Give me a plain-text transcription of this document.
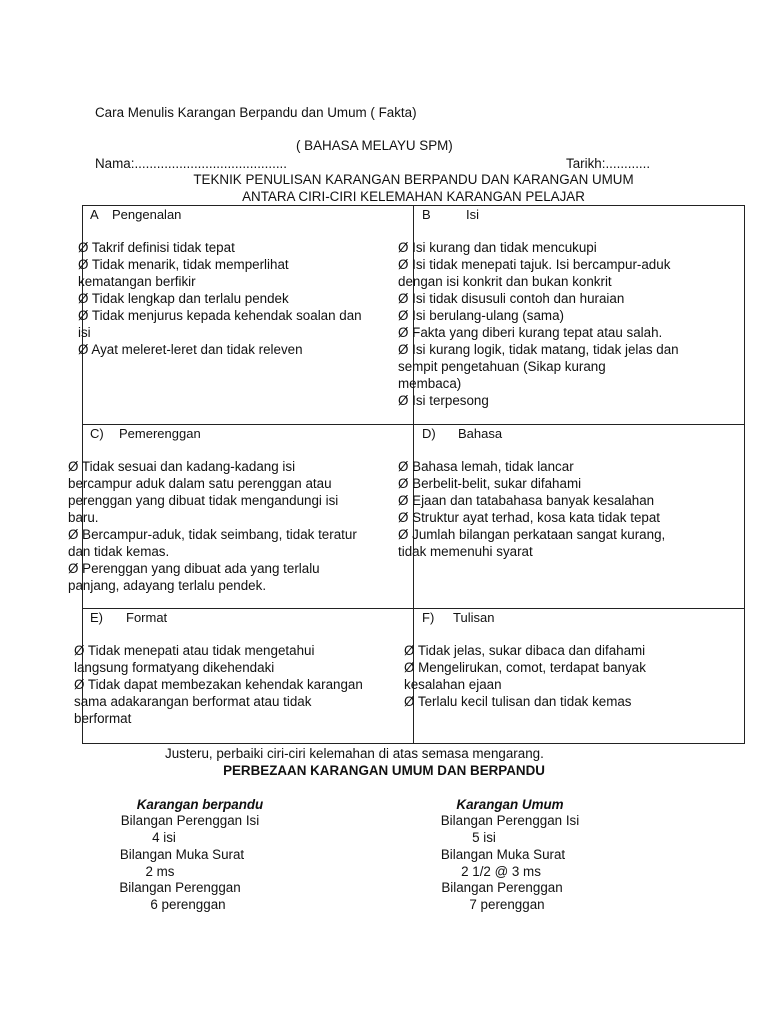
Cara Menulis Karangan Berpandu dan Umum ( Fakta)
( BAHASA MELAYU SPM)
Nama:.........................................	Tarikh:............
TEKNIK PENULISAN KARANGAN BERPANDU DAN KARANGAN UMUM
ANTARA CIRI-CIRI KELEMAHAN KARANGAN PELAJAR
A Pengenalan
Ø Takrif definisi tidak tepat
Ø Tidak menarik, tidak memperlihat
kematangan berfikir
Ø Tidak lengkap dan terlalu pendek
Ø Tidak menjurus kepada kehendak soalan dan
isi
Ø Ayat meleret-leret dan tidak releven
B	Isi
Ø Isi kurang dan tidak mencukupi
Ø Isi tidak menepati tajuk. Isi bercampur-aduk
dengan isi konkrit dan bukan konkrit
Ø Isi tidak disusuli contoh dan huraian
Ø Isi berulang-ulang (sama)
Ø Fakta yang diberi kurang tepat atau salah.
Ø Isi kurang logik, tidak matang, tidak jelas dan
sempit pengetahuan (Sikap kurang
membaca)
Ø Isi terpesong
C) Pemerenggan
Ø Tidak sesuai dan kadang-kadang isi
bercampur aduk dalam satu perenggan atau
perenggan yang dibuat tidak mengandungi isi
baru.
Ø Bercampur-aduk, tidak seimbang, tidak teratur
dan tidak kemas.
Ø Perenggan yang dibuat ada yang terlalu
panjang, adayang terlalu pendek.
D) Bahasa
Ø Bahasa lemah, tidak lancar
Ø Berbelit-belit, sukar difahami
Ø Ejaan dan tatabahasa banyak kesalahan
Ø Struktur ayat terhad, kosa kata tidak tepat
Ø Jumlah bilangan perkataan sangat kurang,
tidak memenuhi syarat
E) Format
Ø Tidak menepati atau tidak mengetahui
langsung formatyang dikehendaki
Ø Tidak dapat membezakan kehendak karangan
sama adakarangan berformat atau tidak
berformat
F) Tulisan
Ø Tidak jelas, sukar dibaca dan difahami
Ø Mengelirukan, comot, terdapat banyak
kesalahan ejaan
Ø Terlalu kecil tulisan dan tidak kemas
Justeru, perbaiki ciri-ciri kelemahan di atas semasa mengarang.
PERBEZAAN KARANGAN UMUM DAN BERPANDU
Karangan berpandu
Bilangan Perenggan Isi
4 isi
Bilangan Muka Surat
2 ms
Bilangan Perenggan
6 perenggan
Karangan Umum
Bilangan Perenggan Isi
5 isi
Bilangan Muka Surat
2 1/2 @ 3 ms
Bilangan Perenggan
7 perenggan
